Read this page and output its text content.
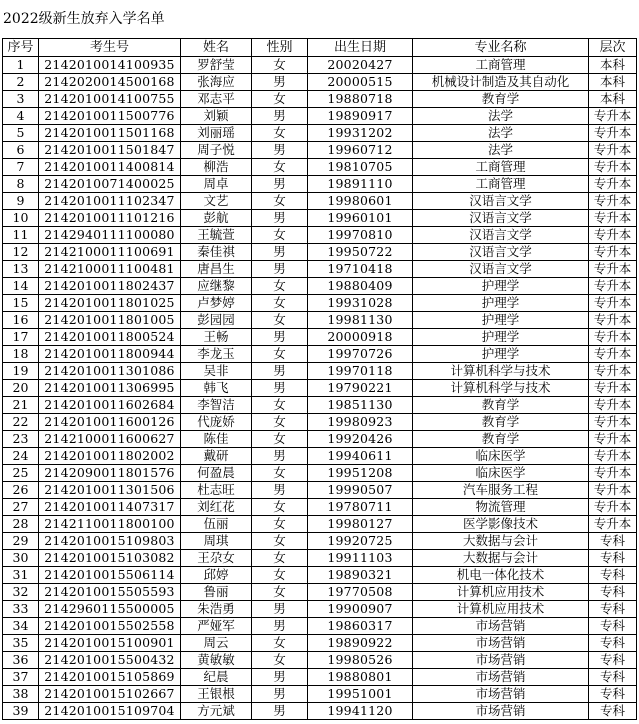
2022级新生放弃入学名单
序号	考生号	姓名	性别	出生日期	专业名称	层次
1	2142010014100935	罗舒莹	女	20020427	工商管理	本科
2	2142020014500168	张海应	男	20000515	机械设计制造及其自动化	本科
3	2142010014100755	邓志平	女	19880718	教育学	本科
4	2142010011500776	刘颖	男	19890917	法学	专升本
5	2142010011501168	刘丽瑶	女	19931202	法学	专升本
6	2142010011501847	周子悦	男	19960712	法学	专升本
7	2142010011400814	柳浩	女	19810705	工商管理	专升本
8	2142010071400025	周卓	男	19891110	工商管理	专升本
9	2142010011102347	文艺	女	19980601	汉语言文学	专升本
10	2142010011101216	彭航	男	19960101	汉语言文学	专升本
11	2142940111100080	王毓萱	女	19970810	汉语言文学	专升本
12	2142100011100691	秦佳祺	男	19950722	汉语言文学	专升本
13	2142100011100481	唐昌生	男	19710418	汉语言文学	专升本
14	2142010011802437	应继黎	女	19880409	护理学	专升本
15	2142010011801025	卢梦婷	女	19931028	护理学	专升本
16	2142010011801005	彭园园	女	19981130	护理学	专升本
17	2142010011800524	王畅	男	20000918	护理学	专升本
18	2142010011800944	李龙玉	女	19970726	护理学	专升本
19	2142010011301086	吴非	男	19970118	计算机科学与技术	专升本
20	2142010011306995	韩飞	男	19790221	计算机科学与技术	专升本
21	2142010011602684	李智洁	女	19851130	教育学	专升本
22	2142010011600126	代庞娇	女	19980923	教育学	专升本
23	2142100011600627	陈佳	女	19920426	教育学	专升本
24	2142010011802002	戴研	男	19940611	临床医学	专升本
25	2142090011801576	何盈晨	女	19951208	临床医学	专升本
26	2142010011301506	杜志旺	男	19990507	汽车服务工程	专升本
27	2142010011407317	刘红花	女	19780711	物流管理	专升本
28	2142110011800100	伍丽	女	19980127	医学影像技术	专升本
29	2142010015109803	周琪	女	19920725	大数据与会计	专科
30	2142010015103082	王尕女	女	19911103	大数据与会计	专科
31	2142010015506114	邱婷	女	19890321	机电一体化技术	专科
32	2142010015505593	鲁丽	女	19770508	计算机应用技术	专科
33	2142960115500005	朱浩勇	男	19900907	计算机应用技术	专科
34	2142010015502558	严娅军	男	19860317	市场营销	专科
35	2142010015100901	周云	女	19890922	市场营销	专科
36	2142010015500432	黄敏敏	女	19980526	市场营销	专科
37	2142010015105869	纪晨	男	19880801	市场营销	专科
38	2142010015102667	王银根	男	19951001	市场营销	专科
39	2142010015109704	方元斌	男	19941120	市场营销	专科
